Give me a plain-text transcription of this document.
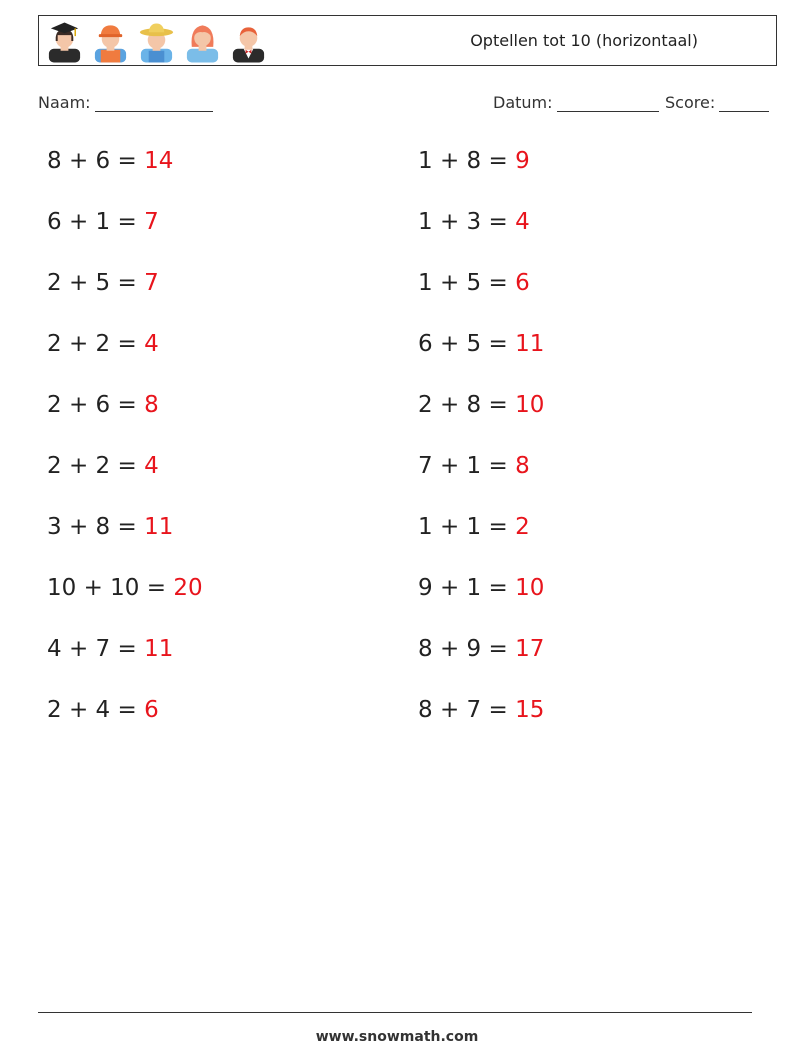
Optellen tot 10 (horizontaal)
Naam:	Datum:	Score:
8 + 6 = 14
6 + 1 = 7
2 + 5 = 7
2 + 2 = 4
2 + 6 = 8
2 + 2 = 4
3 + 8 = 11
10 + 10 = 20
4 + 7 = 11
2 + 4 = 6
1 + 8 = 9
1 + 3 = 4
1 + 5 = 6
6 + 5 = 11
2 + 8 = 10
7 + 1 = 8
1 + 1 = 2
9 + 1 = 10
8 + 9 = 17
8 + 7 = 15
www.snowmath.com
